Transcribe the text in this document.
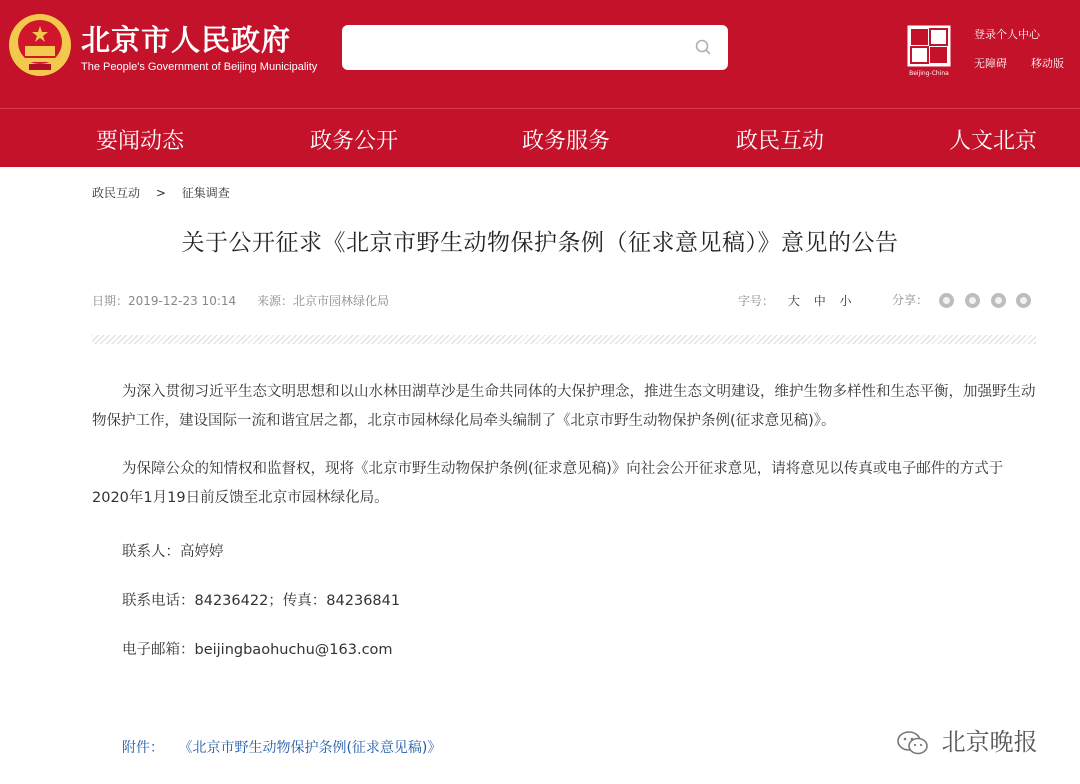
北京市人民政府
The People's Government of Beijing Municipality
Beijing-China
登录个人中心
无障碍 移动版
要闻动态	政务公开	政务服务	政民互动	人文北京
政民互动 > 征集调查
关于公开征求《北京市野生动物保护条例（征求意见稿）》意见的公告
日期：2019-12-23 10:14 来源：北京市园林绿化局	字号： 大 中 小	分享：
为深入贯彻习近平生态文明思想和以山水林田湖草沙是生命共同体的大保护理念，推进生态文明建设，维护生物多样性和生态平衡，加强野生动物保护工作，建设国际一流和谐宜居之都，北京市园林绿化局牵头编制了《北京市野生动物保护条例(征求意见稿)》。
为保障公众的知情权和监督权，现将《北京市野生动物保护条例(征求意见稿)》向社会公开征求意见，请将意见以传真或电子邮件的方式于2020年1月19日前反馈至北京市园林绿化局。
联系人：高婷婷
联系电话：84236422；传真：84236841
电子邮箱：beijingbaohuchu@163.com
附件： 《北京市野生动物保护条例(征求意见稿)》	北京晚报
